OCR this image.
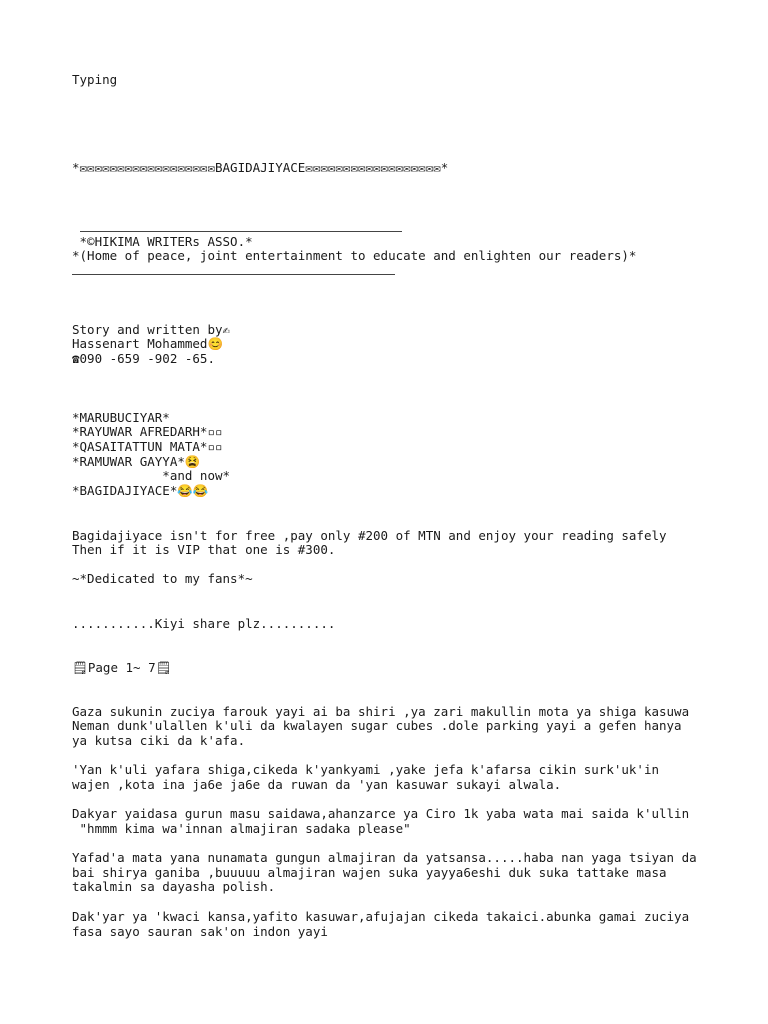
Typing
*✉✉✉✉✉✉✉✉✉✉✉✉✉✉✉✉✉✉BAGIDAJIYACE✉✉✉✉✉✉✉✉✉✉✉✉✉✉✉✉✉✉*
*©HIKIMA WRITERs ASSO.*
*(Home of peace, joint entertainment to educate and enlighten our readers)*
Story and written by✍
Hassenart Mohammed😊
☎090 -659 -902 -65.
*MARUBUCIYAR*
*RAYUWAR AFREDARH*▫▫
*QASAITATTUN MATA*▫▫
*RAMUWAR GAYYA*😫
*and now*
*BAGIDAJIYACE*😂😂
Bagidajiyace isn't for free ,pay only #200 of MTN and enjoy your reading safely
Then if it is VIP that one is #300.
~*Dedicated to my fans*~
...........Kiyi share plz..........
🗒Page 1~ 7🗒
Gaza sukunin zuciya farouk yayi ai ba shiri ,ya zari makullin mota ya shiga kasuwa
Neman dunk'ulallen k'uli da kwalayen sugar cubes .dole parking yayi a gefen hanya
ya kutsa ciki da k'afa.
'Yan k'uli yafara shiga,cikeda k'yankyami ,yake jefa k'afarsa cikin surk'uk'in
wajen ,kota ina ja6e ja6e da ruwan da 'yan kasuwar sukayi alwala.
Dakyar yaidasa gurun masu saidawa,ahanzarce ya Ciro 1k yaba wata mai saida k'ullin
"hmmm kima wa'innan almajiran sadaka please"
Yafad'a mata yana nunamata gungun almajiran da yatsansa.....haba nan yaga tsiyan da
bai shirya ganiba ,buuuuu almajiran wajen suka yayya6eshi duk suka tattake masa
takalmin sa dayasha polish.
Dak'yar ya 'kwaci kansa,yafito kasuwar,afujajan cikeda takaici.abunka gamai zuciya
fasa sayo sauran sak'on indon yayi
